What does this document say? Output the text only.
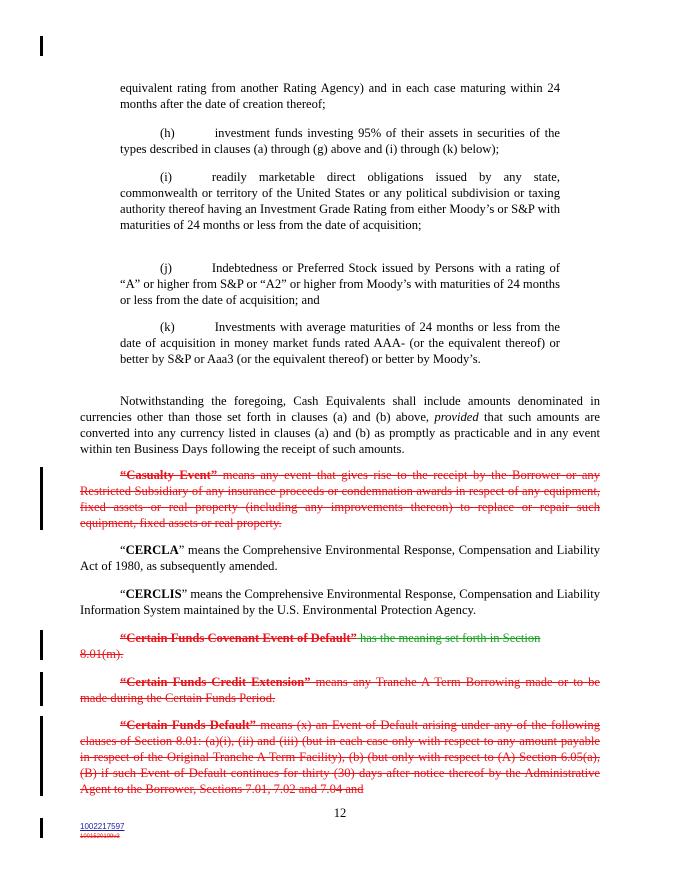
equivalent rating from another Rating Agency) and in each case maturing within 24 months after the date of creation thereof;

(h)	investment funds investing 95% of their assets in securities of the types described in clauses (a) through (g) above and (i) through (k) below);

(i)	readily marketable direct obligations issued by any state, commonwealth or territory of the United States or any political subdivision or taxing authority thereof having an Investment Grade Rating from either Moody’s or S&P with maturities of 24 months or less from the date of acquisition;

(j)	Indebtedness or Preferred Stock issued by Persons with a rating of “A” or higher from S&P or “A2” or higher from Moody’s with maturities of 24 months or less from the date of acquisition; and

(k)	Investments with average maturities of 24 months or less from the date of acquisition in money market funds rated AAA- (or the equivalent thereof) or better by S&P or Aaa3 (or the equivalent thereof) or better by Moody’s.

Notwithstanding the foregoing, Cash Equivalents shall include amounts denominated in currencies other than those set forth in clauses (a) and (b) above, provided that such amounts are converted into any currency listed in clauses (a) and (b) as promptly as practicable and in any event within ten Business Days following the receipt of such amounts.

“Casualty Event” means any event that gives rise to the receipt by the Borrower or any Restricted Subsidiary of any insurance proceeds or condemnation awards in respect of any equipment, fixed assets or real property (including any improvements thereon) to replace or repair such equipment, fixed assets or real property.

“CERCLA” means the Comprehensive Environmental Response, Compensation and Liability Act of 1980, as subsequently amended.

“CERCLIS” means the Comprehensive Environmental Response, Compensation and Liability Information System maintained by the U.S. Environmental Protection Agency.

“Certain Funds Covenant Event of Default” has the meaning set forth in Section
8.01(m).

“Certain Funds Credit Extension” means any Tranche A Term Borrowing made or to be made during the Certain Funds Period.

“Certain Funds Default” means (x) an Event of Default arising under any of the following clauses of Section 8.01: (a)(i), (ii) and (iii) (but in each case only with respect to any amount payable in respect of the Original Tranche A Term Facility), (b) (but only with respect to (A) Section 6.05(a), (B) if such Event of Default continues for thirty (30) days after notice thereof by the Administrative Agent to the Borrower, Sections 7.01, 7.02 and 7.04 and

12
1002217597
1001520109v3
